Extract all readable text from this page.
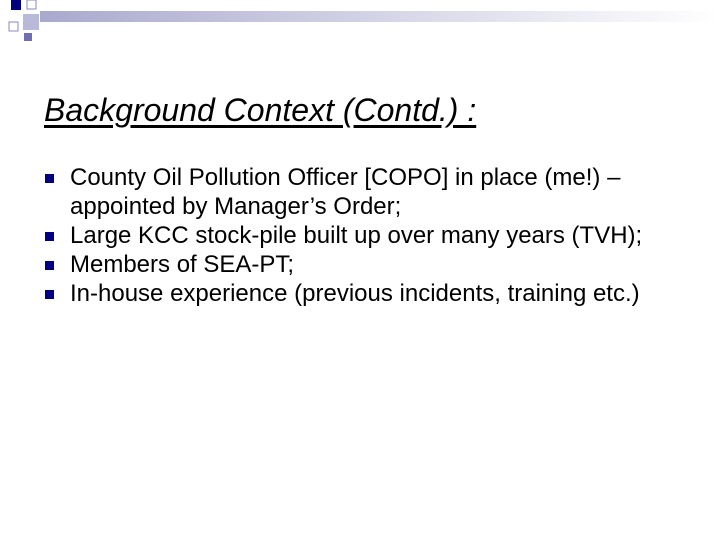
Background Context (Contd.) :
County Oil Pollution Officer [COPO] in place (me!) – appointed by Manager’s Order;
Large KCC stock-pile built up over many years (TVH);
Members of SEA-PT;
In-house experience (previous incidents, training etc.)
